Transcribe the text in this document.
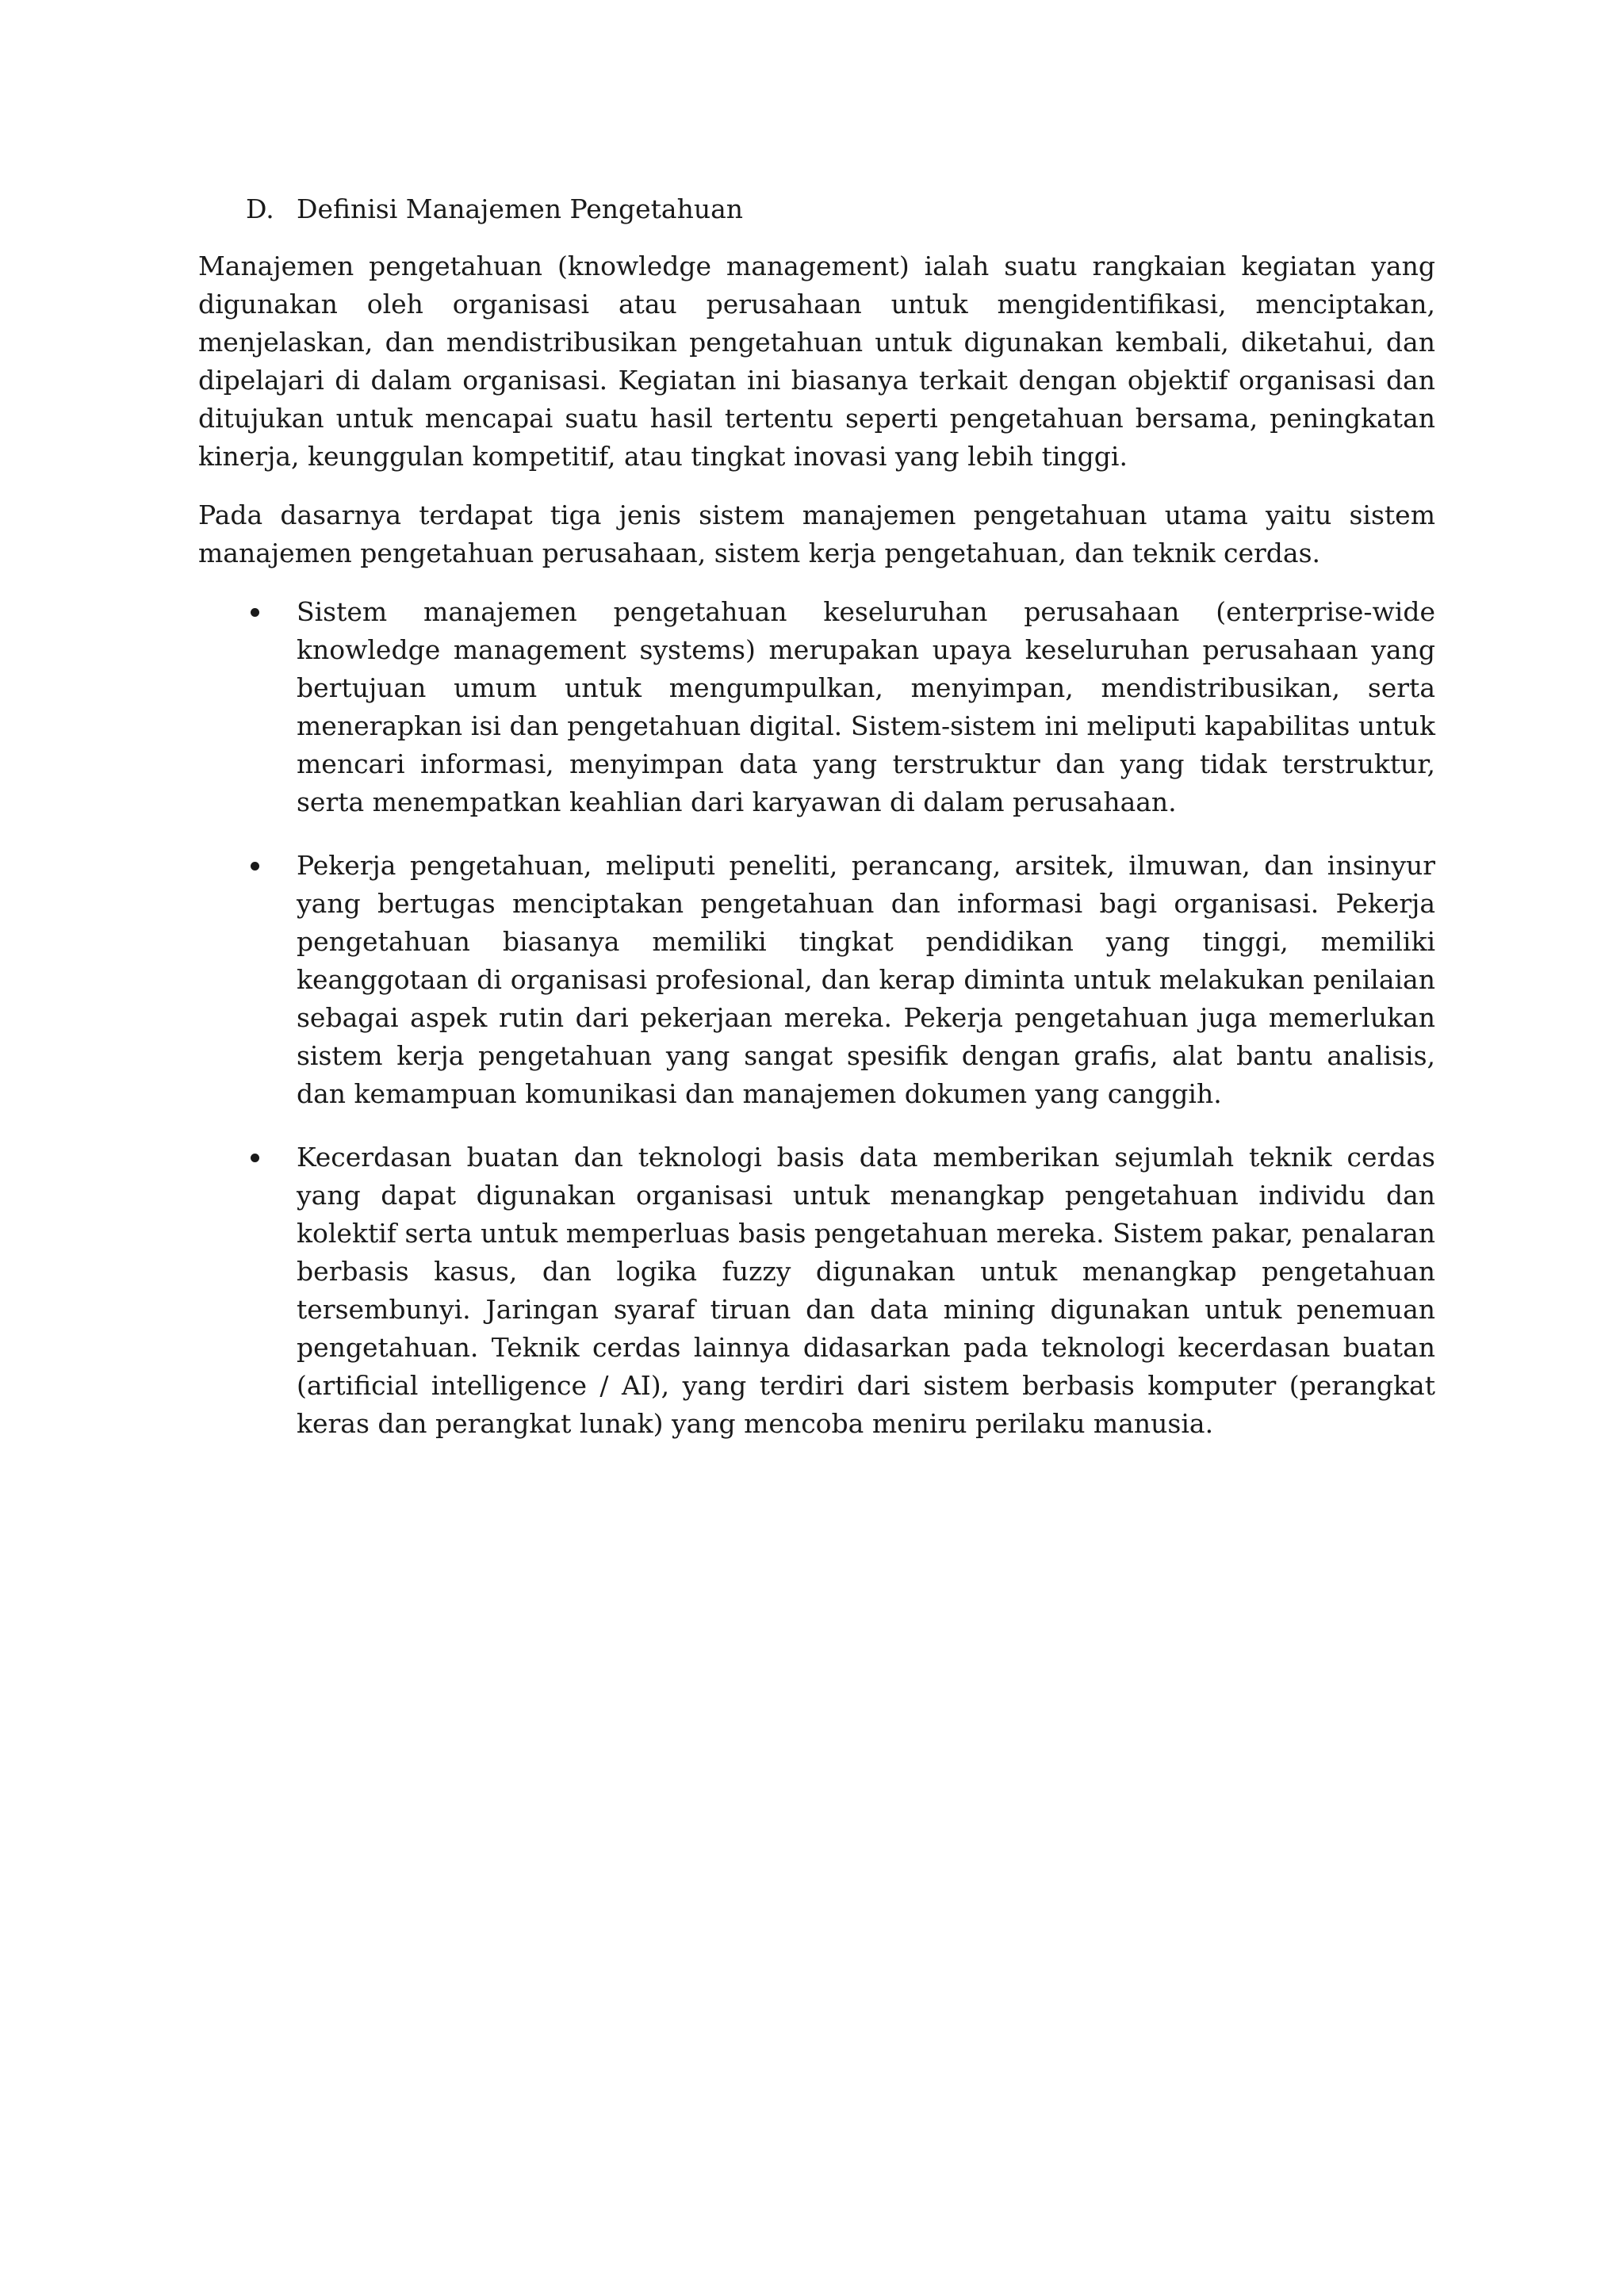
D. Definisi Manajemen Pengetahuan

Manajemen pengetahuan (knowledge management) ialah suatu rangkaian kegiatan yang digunakan oleh organisasi atau perusahaan untuk mengidentifikasi, menciptakan, menjelaskan, dan mendistribusikan pengetahuan untuk digunakan kembali, diketahui, dan dipelajari di dalam organisasi. Kegiatan ini biasanya terkait dengan objektif organisasi dan ditujukan untuk mencapai suatu hasil tertentu seperti pengetahuan bersama, peningkatan kinerja, keunggulan kompetitif, atau tingkat inovasi yang lebih tinggi.

Pada dasarnya terdapat tiga jenis sistem manajemen pengetahuan utama yaitu sistem manajemen pengetahuan perusahaan, sistem kerja pengetahuan, dan teknik cerdas.

Sistem manajemen pengetahuan keseluruhan perusahaan (enterprise-wide knowledge management systems) merupakan upaya keseluruhan perusahaan yang bertujuan umum untuk mengumpulkan, menyimpan, mendistribusikan, serta menerapkan isi dan pengetahuan digital. Sistem-sistem ini meliputi kapabilitas untuk mencari informasi, menyimpan data yang terstruktur dan yang tidak terstruktur, serta menempatkan keahlian dari karyawan di dalam perusahaan.
Pekerja pengetahuan, meliputi peneliti, perancang, arsitek, ilmuwan, dan insinyur yang bertugas menciptakan pengetahuan dan informasi bagi organisasi. Pekerja pengetahuan biasanya memiliki tingkat pendidikan yang tinggi, memiliki keanggotaan di organisasi profesional, dan kerap diminta untuk melakukan penilaian sebagai aspek rutin dari pekerjaan mereka. Pekerja pengetahuan juga memerlukan sistem kerja pengetahuan yang sangat spesifik dengan grafis, alat bantu analisis, dan kemampuan komunikasi dan manajemen dokumen yang canggih.
Kecerdasan buatan dan teknologi basis data memberikan sejumlah teknik cerdas yang dapat digunakan organisasi untuk menangkap pengetahuan individu dan kolektif serta untuk memperluas basis pengetahuan mereka. Sistem pakar, penalaran berbasis kasus, dan logika fuzzy digunakan untuk menangkap pengetahuan tersembunyi. Jaringan syaraf tiruan dan data mining digunakan untuk penemuan pengetahuan. Teknik cerdas lainnya didasarkan pada teknologi kecerdasan buatan (artificial intelligence / AI), yang terdiri dari sistem berbasis komputer (perangkat keras dan perangkat lunak) yang mencoba meniru perilaku manusia.
